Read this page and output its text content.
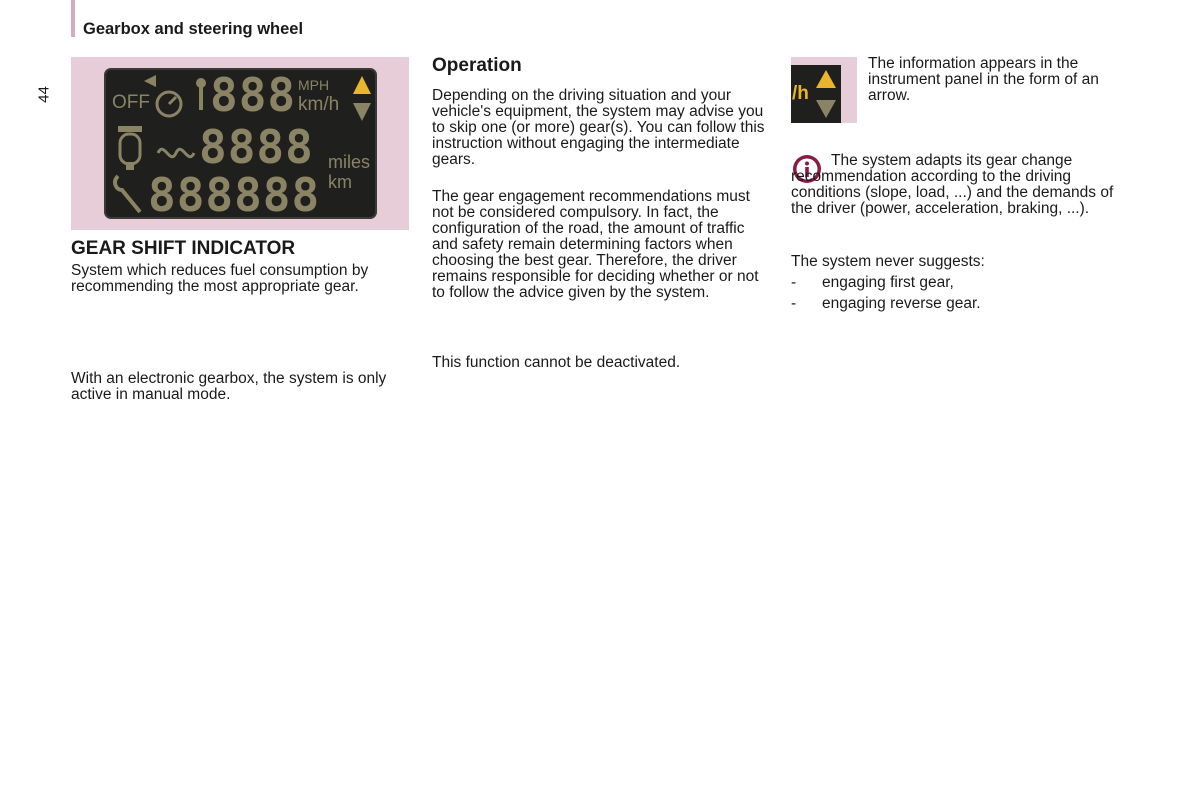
Gearbox and steering wheel
44	OFF 888 MPH
km/h
8888 miles
km
888888
GEAR SHIFT INDICATOR
System which reduces fuel consumption by recommending the most appropriate gear.
With an electronic gearbox, the system is only active in manual mode.
Operation
Depending on the driving situation and your vehicle's equipment, the system may advise you to skip one (or more) gear(s). You can follow this instruction without engaging the intermediate gears.
The gear engagement recommendations must not be considered compulsory. In fact, the configuration of the road, the amount of traffic and safety remain determining factors when choosing the best gear. Therefore, the driver remains responsible for deciding whether or not to follow the advice given by the system.
This function cannot be deactivated.
/h
The information appears in the instrument panel in the form of an arrow.
The system adapts its gear change recommendation according to the driving conditions (slope, load, ...) and the demands of the driver (power, acceleration, braking, ...).
The system never suggests:
- engaging first gear,
- engaging reverse gear.
